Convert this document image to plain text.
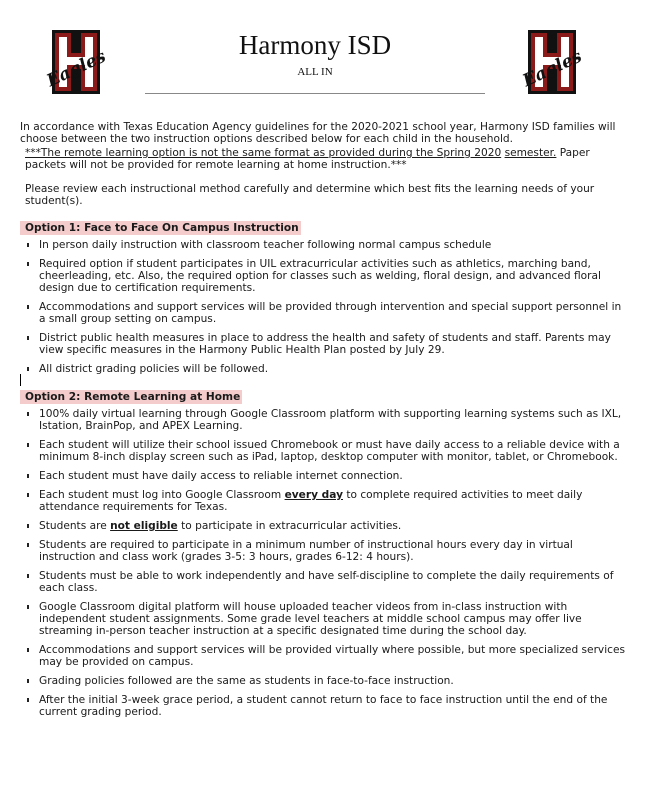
Eagles
Harmony ISD
ALL IN	Eagles

In accordance with Texas Education Agency guidelines for the 2020-2021 school year, Harmony ISD families will choose between the two instruction options described below for each child in the household.

***The remote learning option is not the same format as provided during the Spring 2020 semester. Paper packets will not be provided for remote learning at home instruction.***

Please review each instructional method carefully and determine which best fits the learning needs of your student(s).

Option 1: Face to Face On Campus Instruction
In person daily instruction with classroom teacher following normal campus schedule
Required option if student participates in UIL extracurricular activities such as athletics, marching band, cheerleading, etc. Also, the required option for classes such as welding, floral design, and advanced floral design due to certification requirements.
Accommodations and support services will be provided through intervention and special support personnel in a small group setting on campus.
District public health measures in place to address the health and safety of students and staff. Parents may view specific measures in the Harmony Public Health Plan posted by July 29.
All district grading policies will be followed.
Option 2: Remote Learning at Home
100% daily virtual learning through Google Classroom platform with supporting learning systems such as IXL, Istation, BrainPop, and APEX Learning.
Each student will utilize their school issued Chromebook or must have daily access to a reliable device with a minimum 8-inch display screen such as iPad, laptop, desktop computer with monitor, tablet, or Chromebook.
Each student must have daily access to reliable internet connection.
Each student must log into Google Classroom every day to complete required activities to meet daily attendance requirements for Texas.
Students are not eligible to participate in extracurricular activities.
Students are required to participate in a minimum number of instructional hours every day in virtual instruction and class work (grades 3-5: 3 hours, grades 6-12: 4 hours).
Students must be able to work independently and have self-discipline to complete the daily requirements of each class.
Google Classroom digital platform will house uploaded teacher videos from in-class instruction with independent student assignments. Some grade level teachers at middle school campus may offer live streaming in-person teacher instruction at a specific designated time during the school day.
Accommodations and support services will be provided virtually where possible, but more specialized services may be provided on campus.
Grading policies followed are the same as students in face-to-face instruction.
After the initial 3-week grace period, a student cannot return to face to face instruction until the end of the current grading period.
